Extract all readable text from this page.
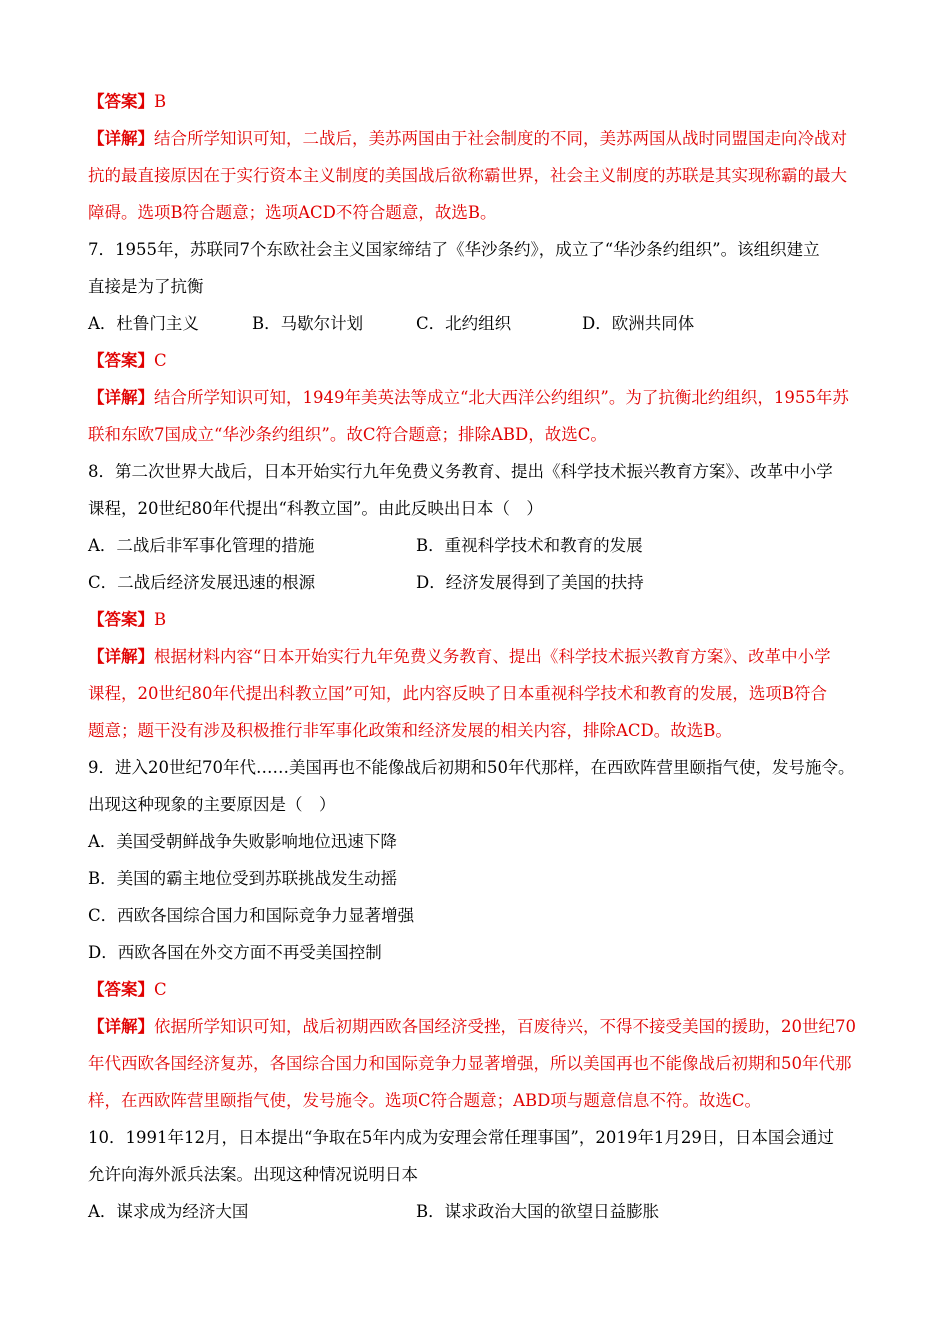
【答案】B
【详解】结合所学知识可知，二战后，美苏两国由于社会制度的不同，美苏两国从战时同盟国走向冷战对
抗的最直接原因在于实行资本主义制度的美国战后欲称霸世界，社会主义制度的苏联是其实现称霸的最大
障碍。选项B符合题意；选项ACD不符合题意，故选B。
7．1955年，苏联同7个东欧社会主义国家缔结了《华沙条约》，成立了“华沙条约组织”。该组织建立
直接是为了抗衡
A．杜鲁门主义	B．马歇尔计划	C．北约组织	D．欧洲共同体
【答案】C
【详解】结合所学知识可知，1949年美英法等成立“北大西洋公约组织”。为了抗衡北约组织，1955年苏
联和东欧7国成立“华沙条约组织”。故C符合题意；排除ABD，故选C。
8．第二次世界大战后，日本开始实行九年免费义务教育、提出《科学技术振兴教育方案》、改革中小学
课程，20世纪80年代提出“科教立国”。由此反映出日本（　）
A．二战后非军事化管理的措施	B．重视科学技术和教育的发展
C．二战后经济发展迅速的根源	D．经济发展得到了美国的扶持
【答案】B
【详解】根据材料内容“日本开始实行九年免费义务教育、提出《科学技术振兴教育方案》、改革中小学
课程，20世纪80年代提出科教立国”可知，此内容反映了日本重视科学技术和教育的发展，选项B符合
题意；题干没有涉及积极推行非军事化政策和经济发展的相关内容，排除ACD。故选B。
9．进入20世纪70年代……美国再也不能像战后初期和50年代那样，在西欧阵营里颐指气使，发号施令。
出现这种现象的主要原因是（　）
A．美国受朝鲜战争失败影响地位迅速下降
B．美国的霸主地位受到苏联挑战发生动摇
C．西欧各国综合国力和国际竞争力显著增强
D．西欧各国在外交方面不再受美国控制
【答案】C
【详解】依据所学知识可知，战后初期西欧各国经济受挫，百废待兴，不得不接受美国的援助，20世纪70
年代西欧各国经济复苏，各国综合国力和国际竞争力显著增强，所以美国再也不能像战后初期和50年代那
样，在西欧阵营里颐指气使，发号施令。选项C符合题意；ABD项与题意信息不符。故选C。
10．1991年12月，日本提出“争取在5年内成为安理会常任理事国”，2019年1月29日，日本国会通过
允许向海外派兵法案。出现这种情况说明日本
A．谋求成为经济大国	B．谋求政治大国的欲望日益膨胀
